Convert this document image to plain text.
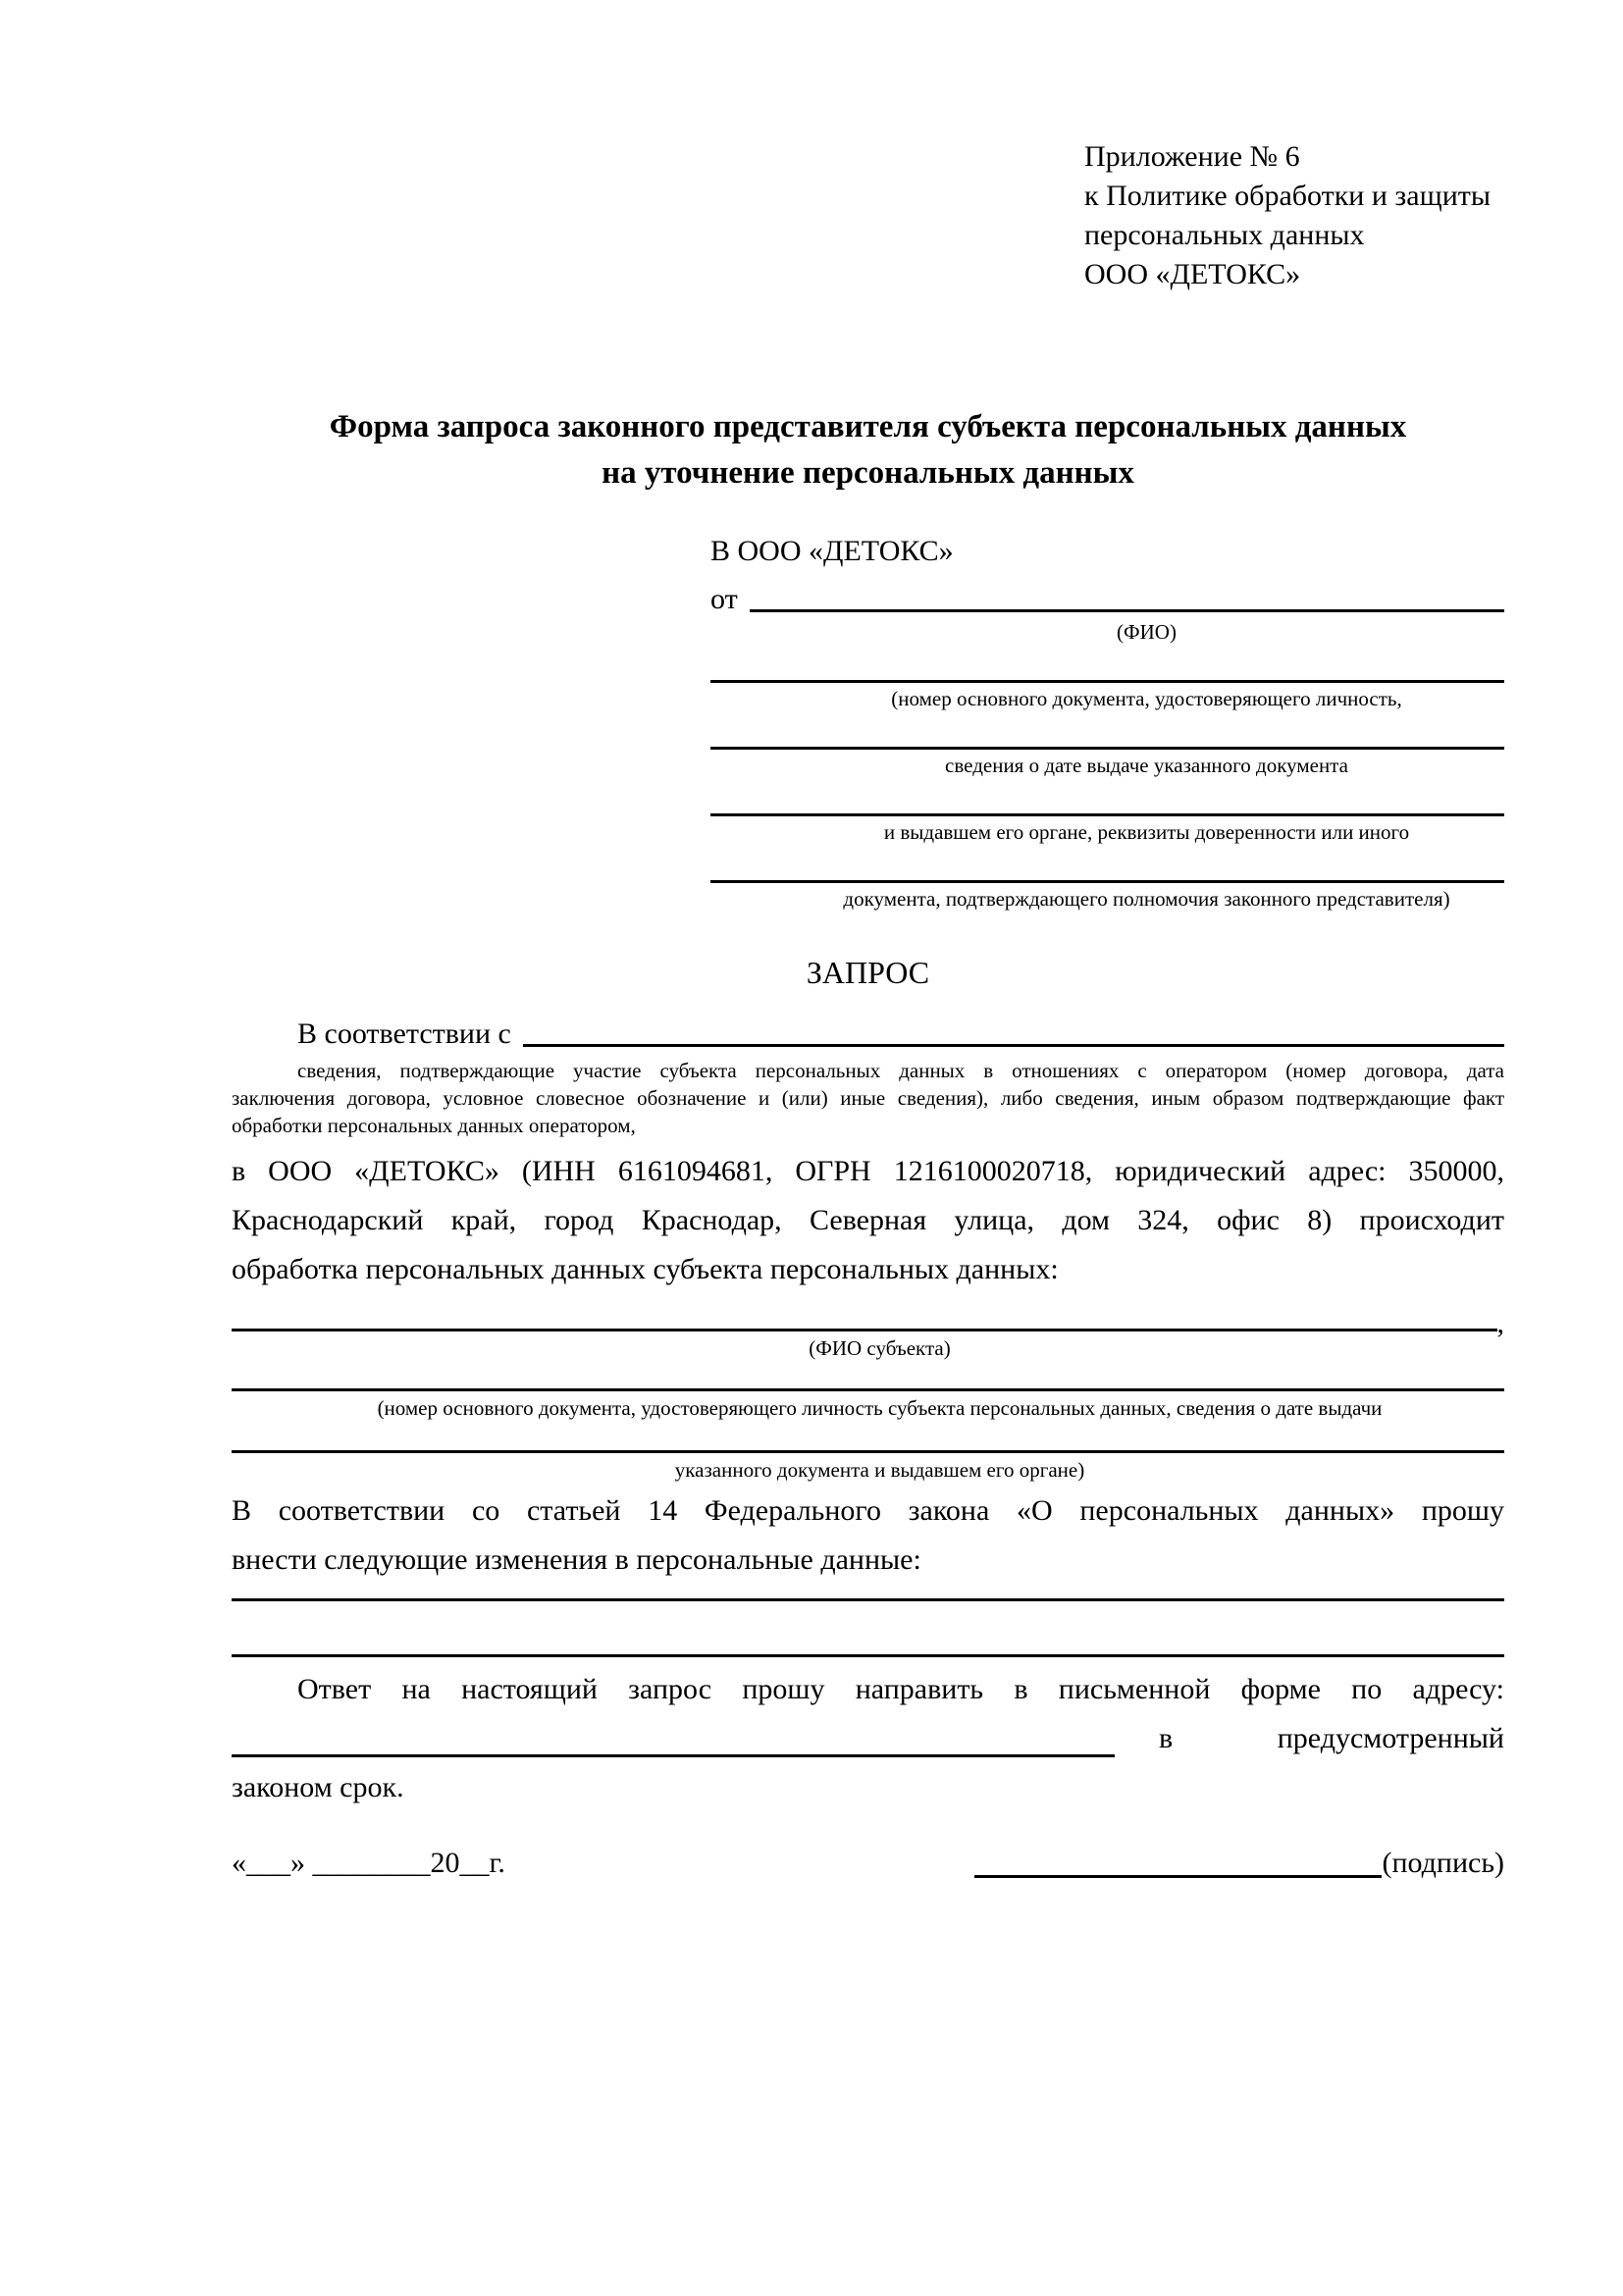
Приложение № 6
к Политике обработки и защиты
персональных данных
ООО «ДЕТОКС»
Форма запроса законного представителя субъекта персональных данных
на уточнение персональных данных
В ООО «ДЕТОКС»
от
(ФИО)
(номер основного документа, удостоверяющего личность,
сведения о дате выдаче указанного документа
и выдавшем его органе, реквизиты доверенности или иного
документа, подтверждающего полномочия законного представителя)
ЗАПРОС
В соответствии с
сведения, подтверждающие участие субъекта персональных данных в отношениях с оператором (номер договора, дата
заключения договора, условное словесное обозначение и (или) иные сведения), либо сведения, иным образом подтверждающие факт
обработки персональных данных оператором,
в ООО «ДЕТОКС» (ИНН 6161094681, ОГРН 1216100020718, юридический адрес: 350000,
Краснодарский край, город Краснодар, Северная улица, дом 324, офис 8) происходит
обработка персональных данных субъекта персональных данных:
,
(ФИО субъекта)
(номер основного документа, удостоверяющего личность субъекта персональных данных, сведения о дате выдачи
указанного документа и выдавшем его органе)
В соответствии со статьей 14 Федерального закона «О персональных данных» прошу
внести следующие изменения в персональные данные:
Ответ на настоящий запрос прошу направить в письменной форме по адресу:
в	предусмотренный
законом срок.
«___» ________20__г.	(подпись)
